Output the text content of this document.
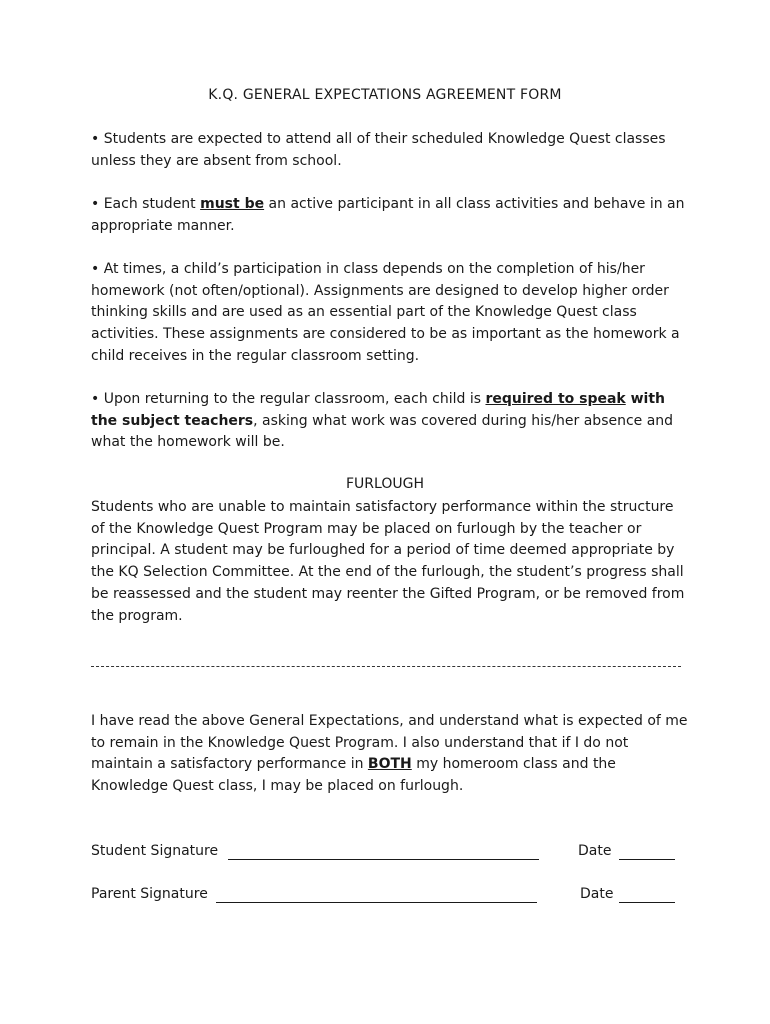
K.Q. GENERAL EXPECTATIONS AGREEMENT FORM
• Students are expected to attend all of their scheduled Knowledge Quest classes unless they are absent from school.
• Each student must be an active participant in all class activities and behave in an appropriate manner.
• At times, a child’s participation in class depends on the completion of his/her homework (not often/optional). Assignments are designed to develop higher order thinking skills and are used as an essential part of the Knowledge Quest class activities. These assignments are considered to be as important as the homework a child receives in the regular classroom setting.
• Upon returning to the regular classroom, each child is required to speak with the subject teachers, asking what work was covered during his/her absence and what the homework will be.
FURLOUGH
Students who are unable to maintain satisfactory performance within the structure of the Knowledge Quest Program may be placed on furlough by the teacher or principal. A student may be furloughed for a period of time deemed appropriate by the KQ Selection Committee. At the end of the furlough, the student’s progress shall be reassessed and the student may reenter the Gifted Program, or be removed from the program.
I have read the above General Expectations, and understand what is expected of me to remain in the Knowledge Quest Program. I also understand that if I do not maintain a satisfactory performance in BOTH my homeroom class and the Knowledge Quest class, I may be placed on furlough.
Student Signature	Date
Parent Signature	Date
